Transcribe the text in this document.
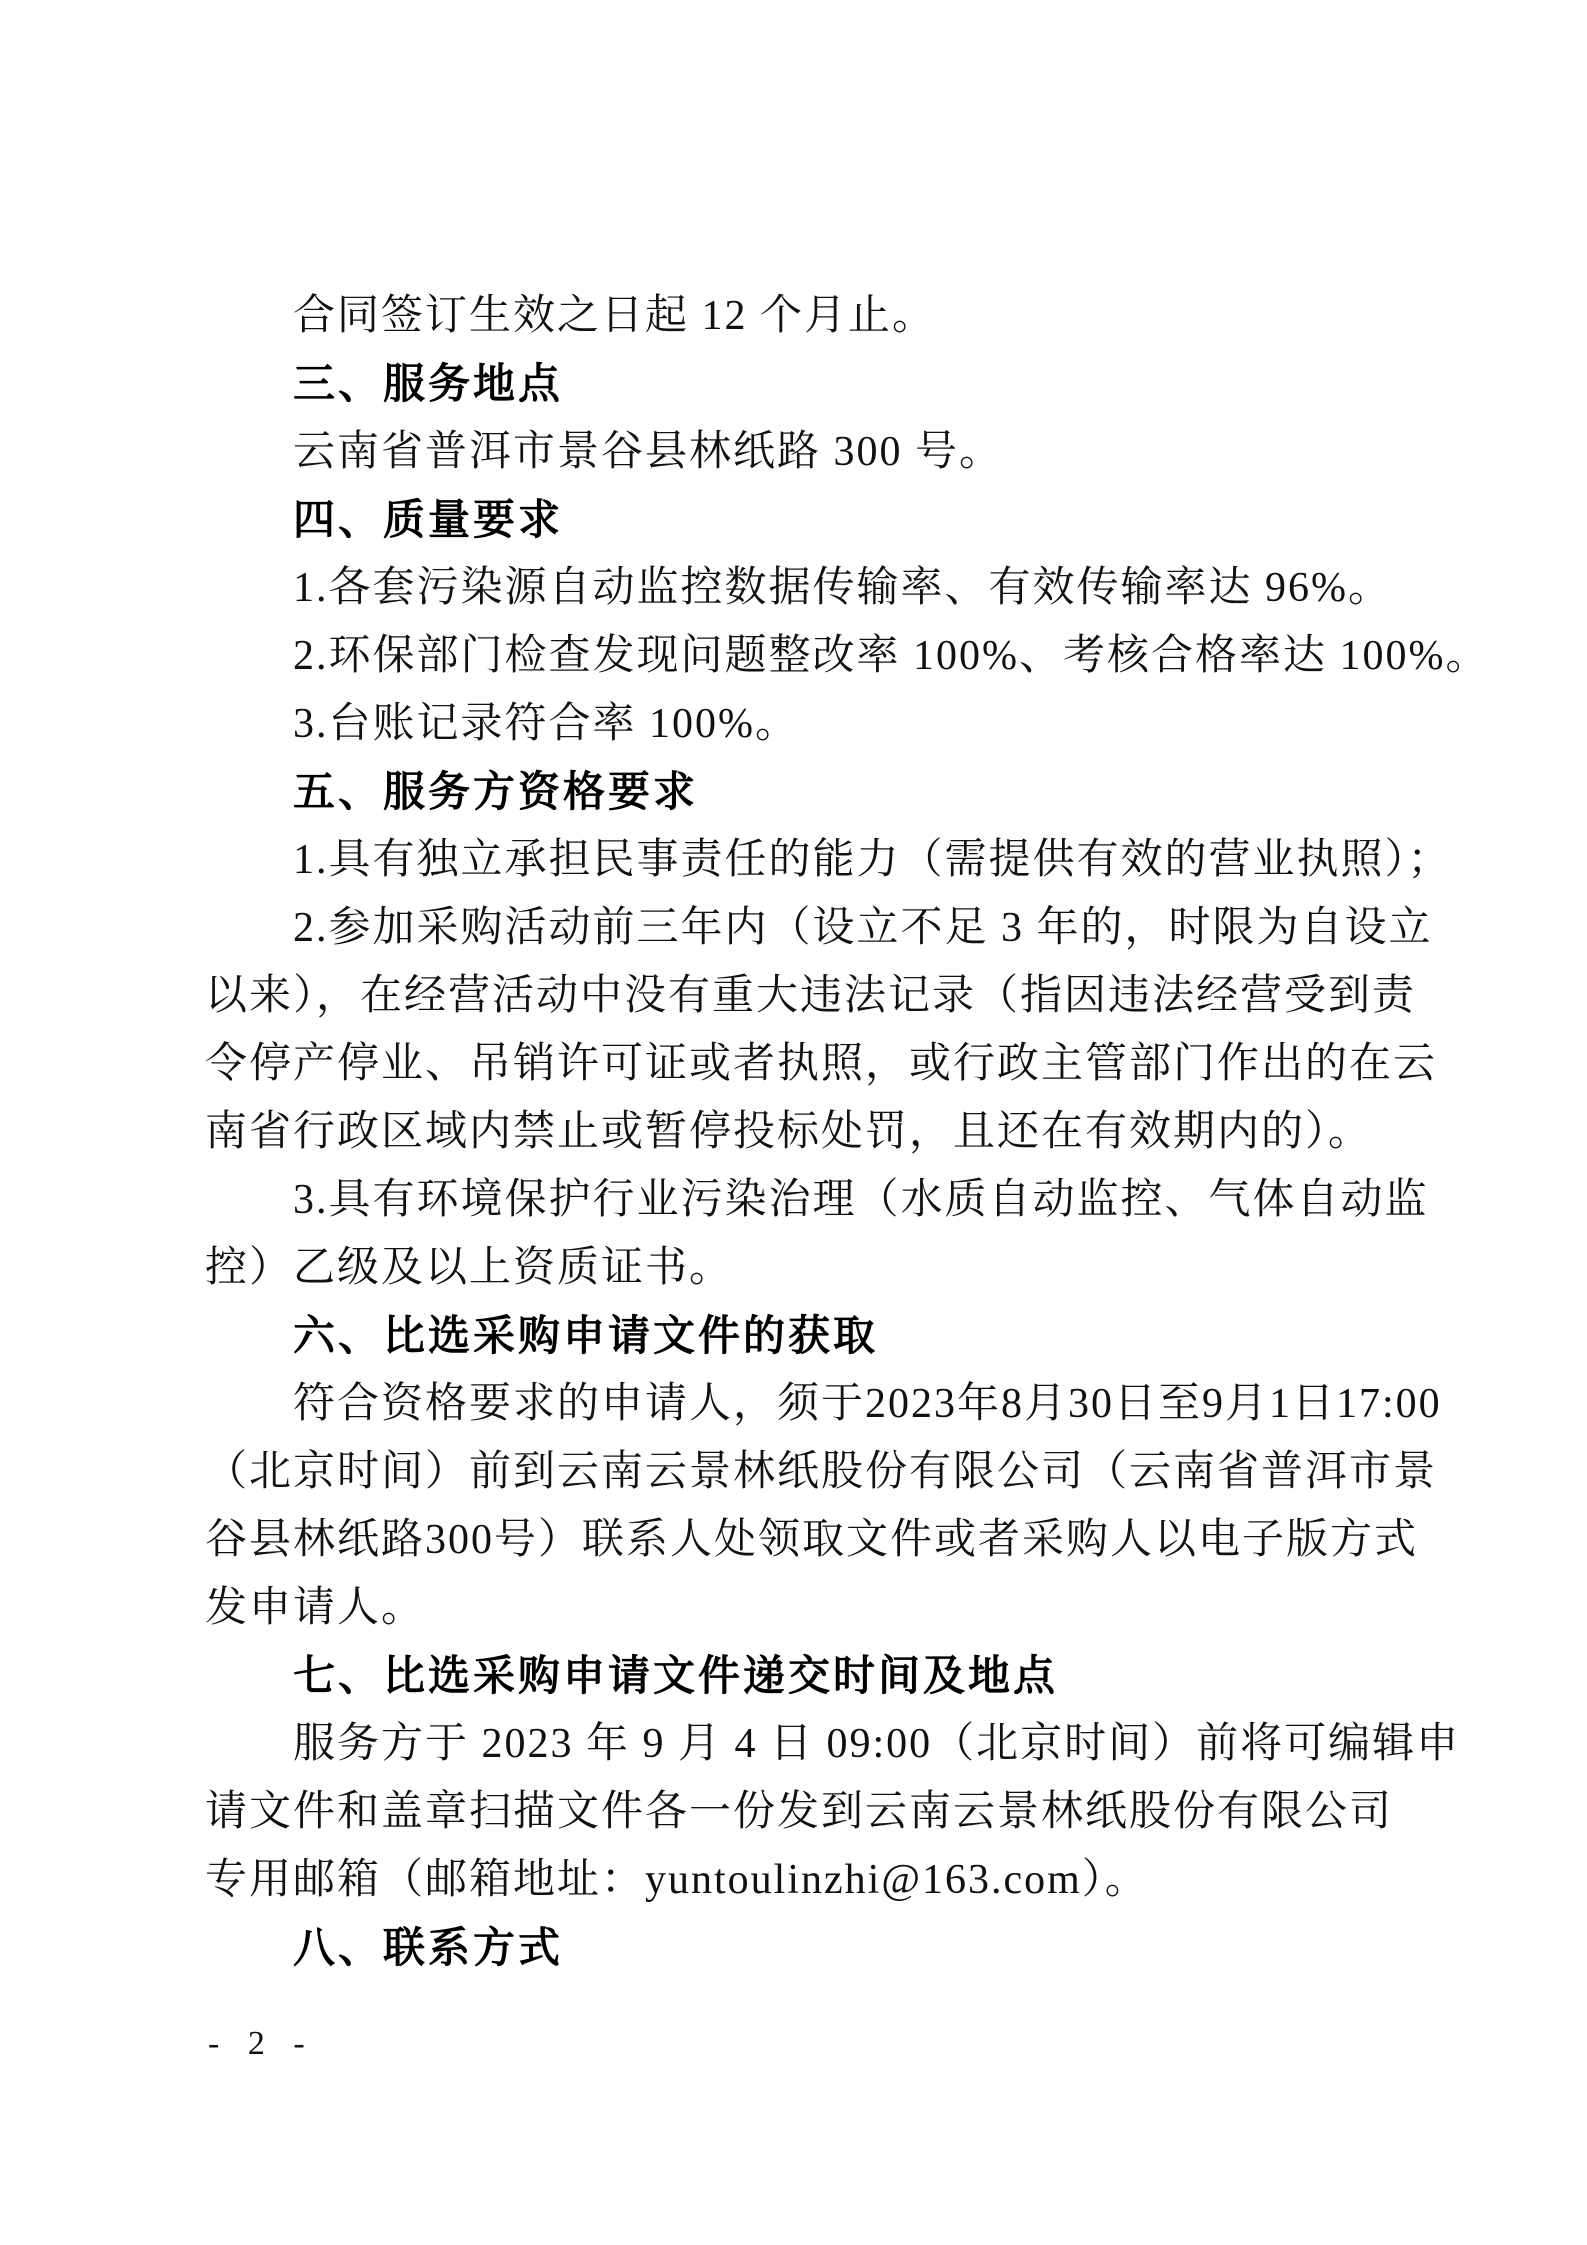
合同签订生效之日起 12 个月止。
三、服务地点
云南省普洱市景谷县林纸路 300 号。
四、质量要求
1.各套污染源自动监控数据传输率、有效传输率达 96%。
2.环保部门检查发现问题整改率 100%、考核合格率达 100%。
3.台账记录符合率 100%。
五、服务方资格要求
1.具有独立承担民事责任的能力（需提供有效的营业执照）；
2.参加采购活动前三年内（设立不足 3 年的，时限为自设立
以来），在经营活动中没有重大违法记录（指因违法经营受到责
令停产停业、吊销许可证或者执照，或行政主管部门作出的在云
南省行政区域内禁止或暂停投标处罚，且还在有效期内的）。
3.具有环境保护行业污染治理（水质自动监控、气体自动监
控）乙级及以上资质证书。
六、比选采购申请文件的获取
符合资格要求的申请人，须于2023年8月30日至9月1日17:00
（北京时间）前到云南云景林纸股份有限公司（云南省普洱市景
谷县林纸路300号）联系人处领取文件或者采购人以电子版方式
发申请人。
七、比选采购申请文件递交时间及地点
服务方于 2023 年 9 月 4 日 09:00（北京时间）前将可编辑申
请文件和盖章扫描文件各一份发到云南云景林纸股份有限公司
专用邮箱（邮箱地址：yuntoulinzhi@163.com）。
八、联系方式
- 2 -
